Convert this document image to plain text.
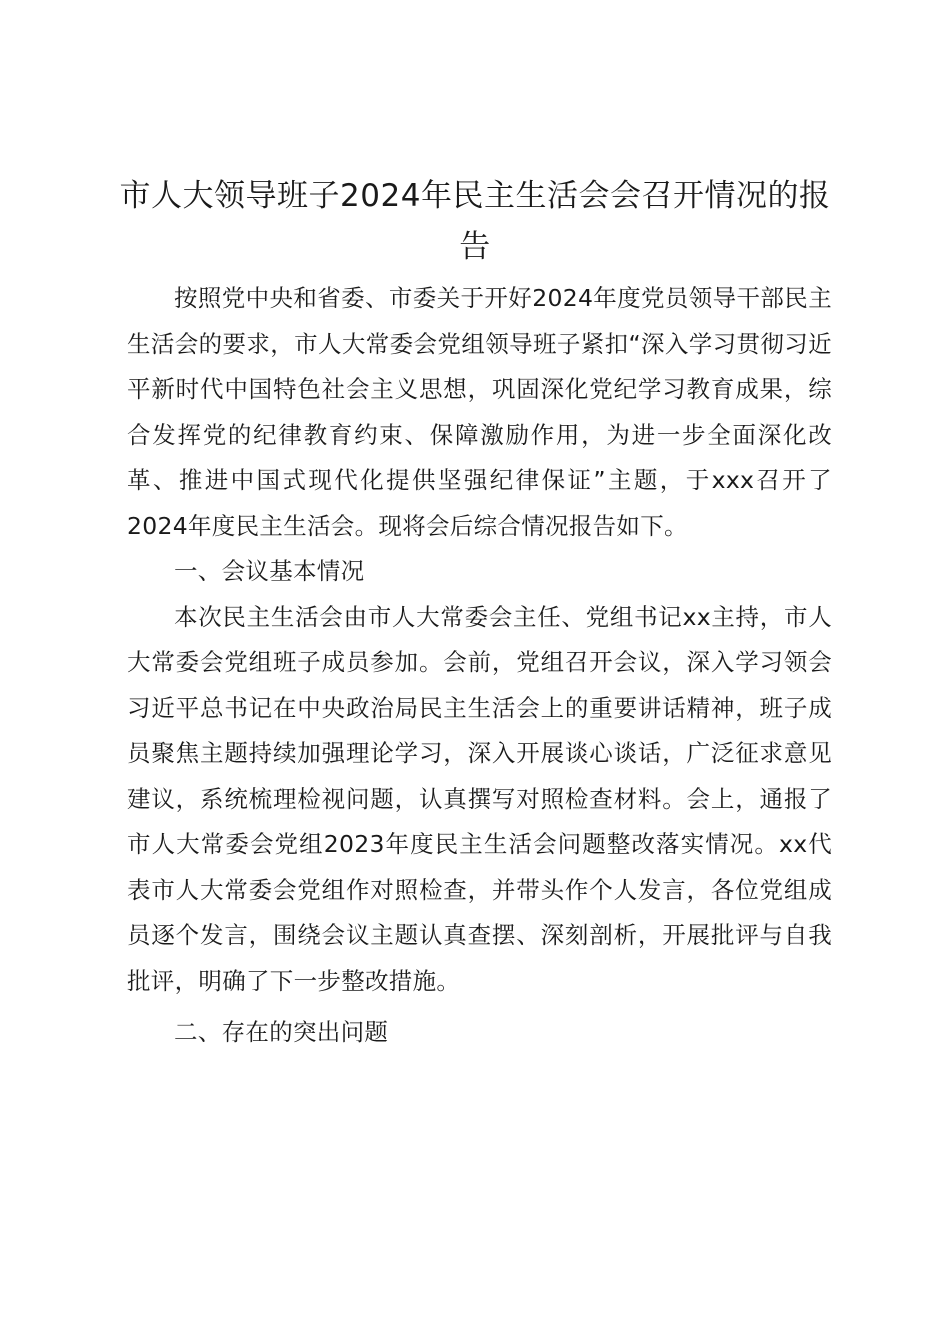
市人大领导班子2024年民主生活会会召开情况的报告

按照党中央和省委、市委关于开好2024年度党员领导干部民主生活会的要求，市人大常委会党组领导班子紧扣“深入学习贯彻习近平新时代中国特色社会主义思想，巩固深化党纪学习教育成果，综合发挥党的纪律教育约束、保障激励作用，为进一步全面深化改革、推进中国式现代化提供坚强纪律保证”主题，于xxx召开了2024年度民主生活会。现将会后综合情况报告如下。

一、会议基本情况

本次民主生活会由市人大常委会主任、党组书记xx主持，市人大常委会党组班子成员参加。会前，党组召开会议，深入学习领会习近平总书记在中央政治局民主生活会上的重要讲话精神，班子成员聚焦主题持续加强理论学习，深入开展谈心谈话，广泛征求意见建议，系统梳理检视问题，认真撰写对照检查材料。会上，通报了市人大常委会党组2023年度民主生活会问题整改落实情况。xx代表市人大常委会党组作对照检查，并带头作个人发言，各位党组成员逐个发言，围绕会议主题认真查摆、深刻剖析，开展批评与自我批评，明确了下一步整改措施。

二、存在的突出问题
